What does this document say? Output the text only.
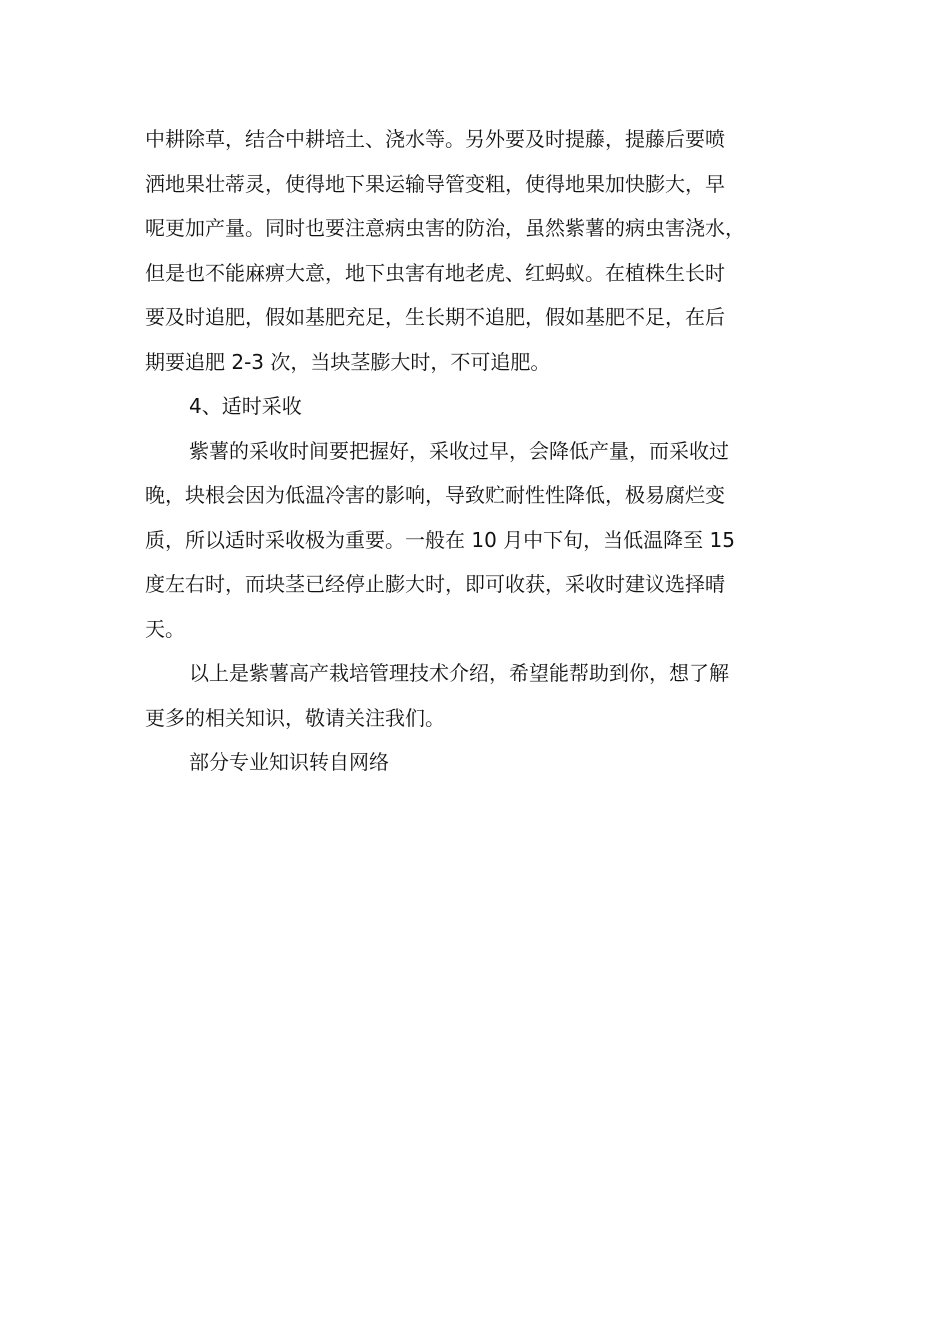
中耕除草，结合中耕培土、浇水等。另外要及时提藤，提藤后要喷
洒地果壮蒂灵，使得地下果运输导管变粗，使得地果加快膨大，早
呢更加产量。同时也要注意病虫害的防治，虽然紫薯的病虫害浇水，
但是也不能麻痹大意，地下虫害有地老虎、红蚂蚁。在植株生长时
要及时追肥，假如基肥充足，生长期不追肥，假如基肥不足，在后
期要追肥 2-3 次，当块茎膨大时，不可追肥。

4、适时采收

紫薯的采收时间要把握好，采收过早，会降低产量，而采收过
晚，块根会因为低温冷害的影响，导致贮耐性性降低，极易腐烂变
质，所以适时采收极为重要。一般在 10 月中下旬，当低温降至 15
度左右时，而块茎已经停止膨大时，即可收获，采收时建议选择晴
天。

以上是紫薯高产栽培管理技术介绍，希望能帮助到你，想了解
更多的相关知识，敬请关注我们。

部分专业知识转自网络
